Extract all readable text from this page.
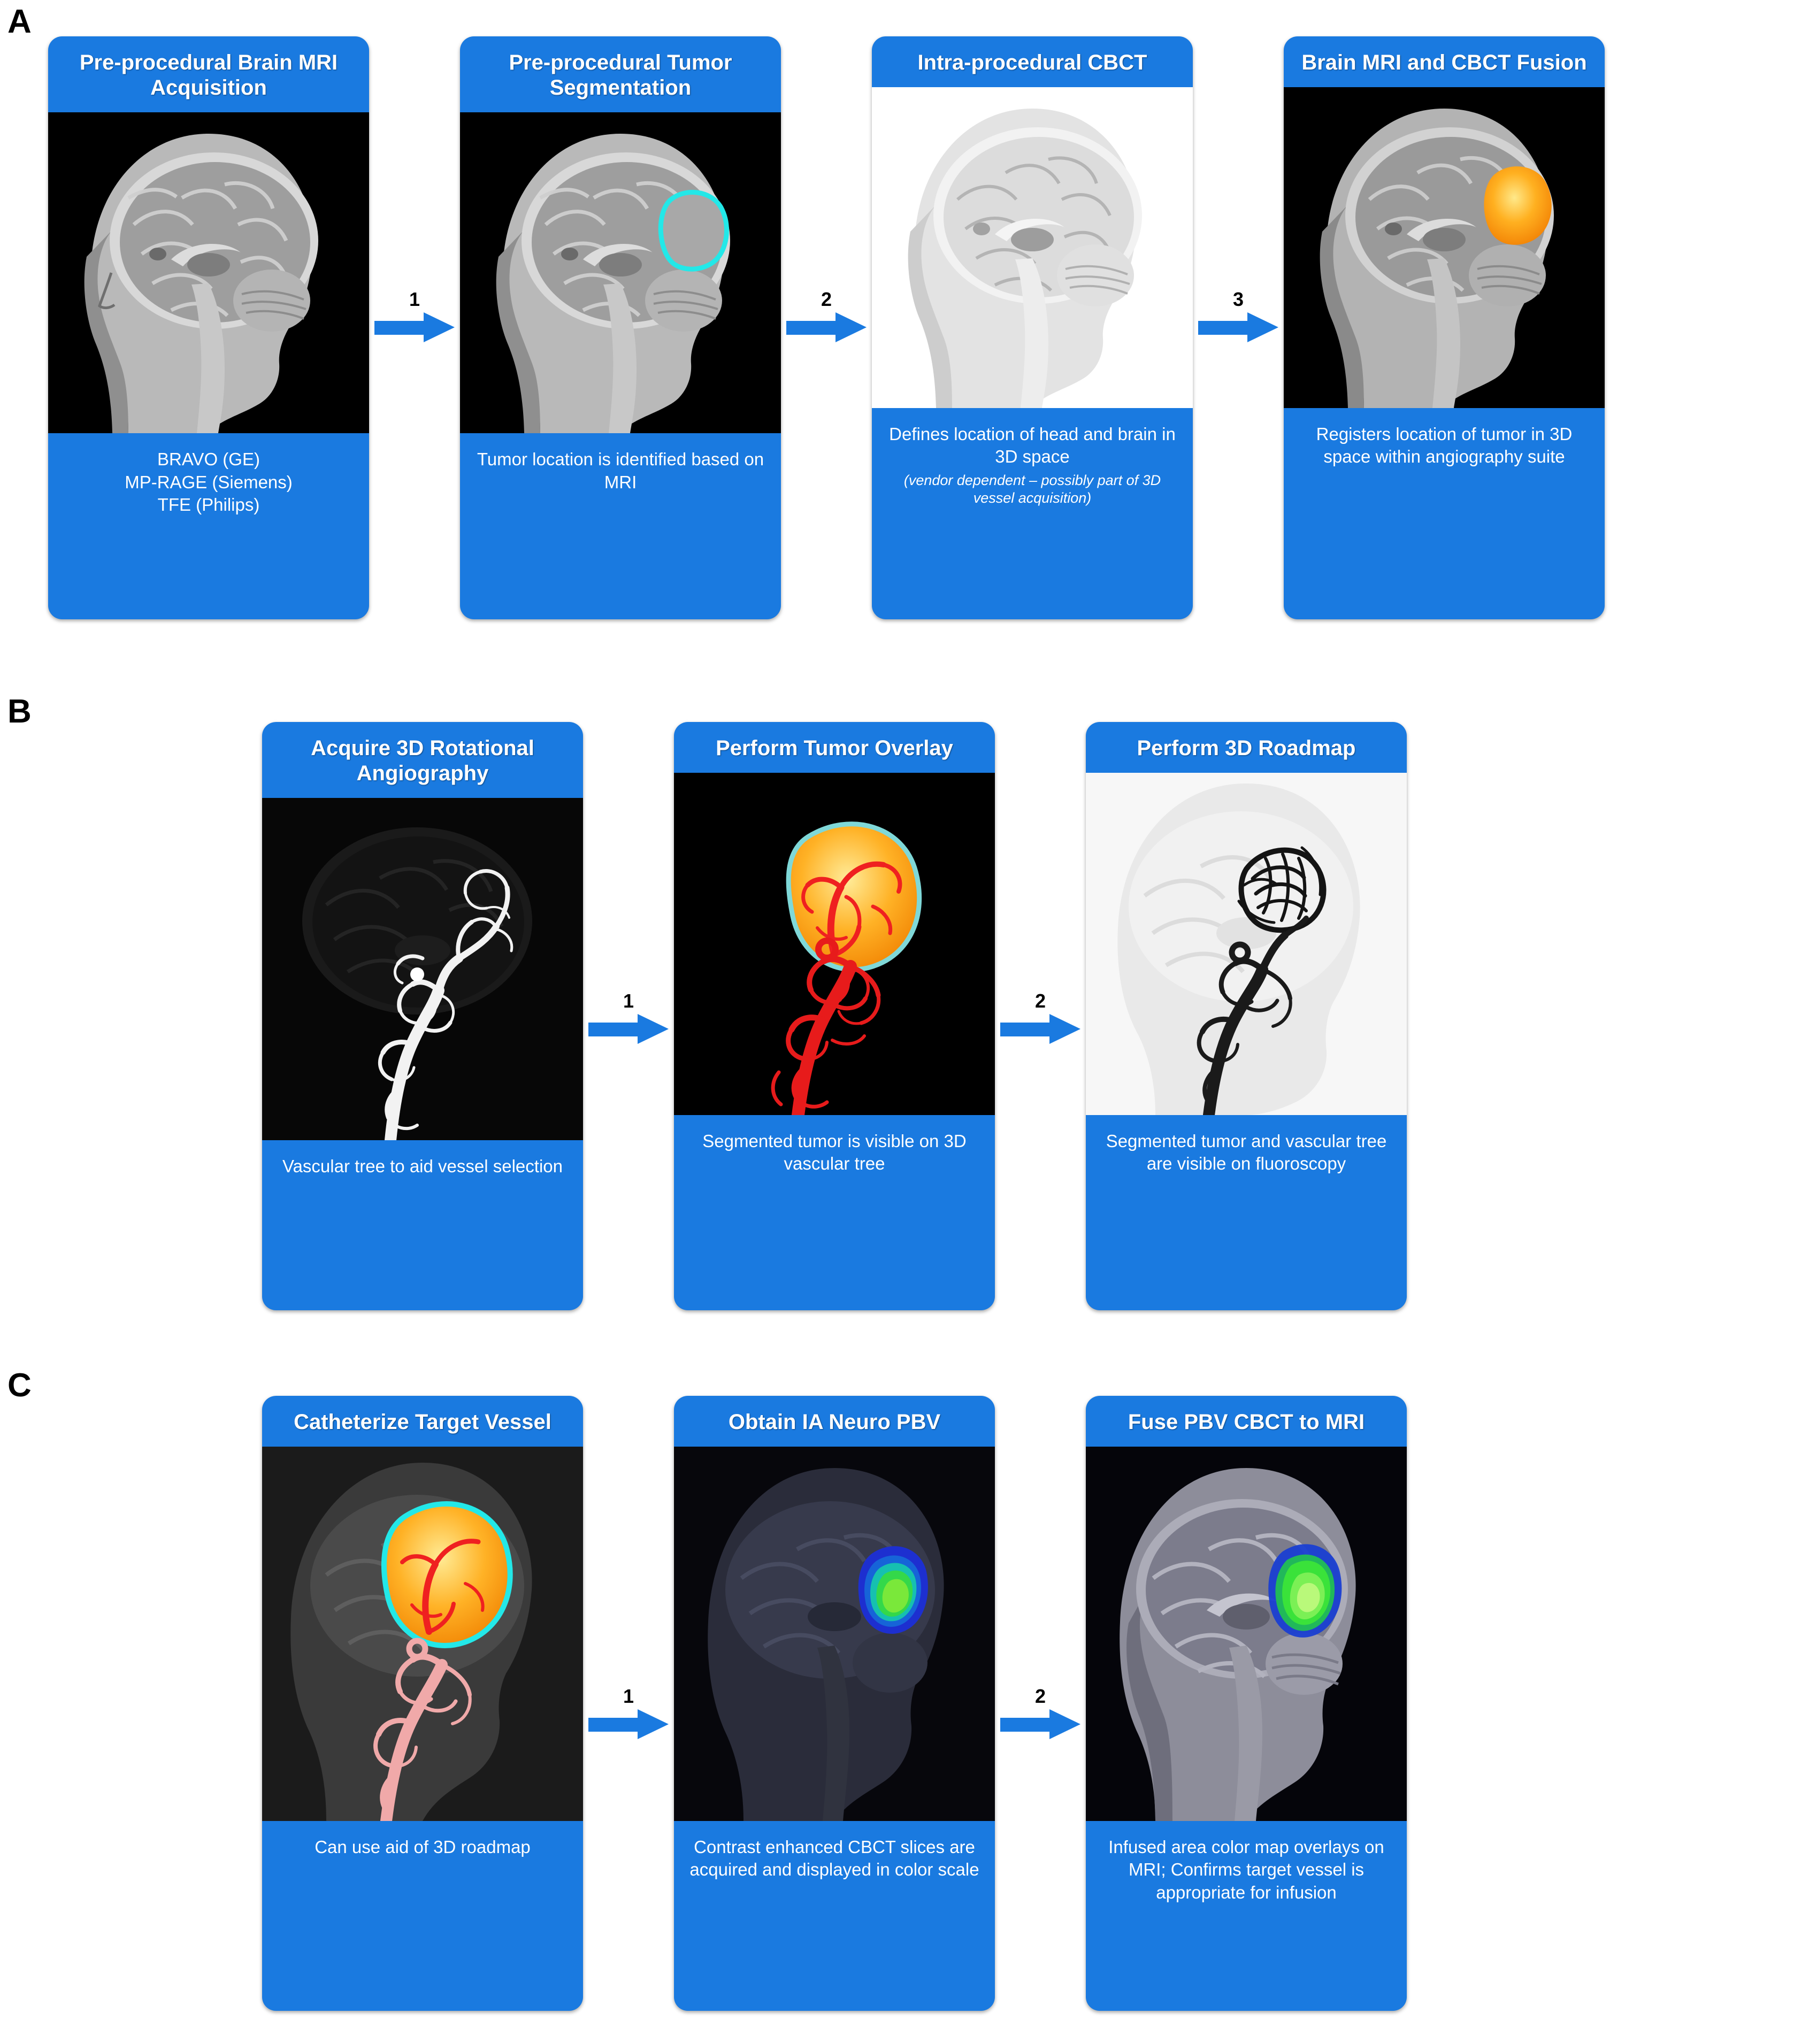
A
Pre-procedural Brain MRI Acquisition
BRAVO (GE)
MP-RAGE (Siemens)
TFE (Philips)
1
Pre-procedural Tumor Segmentation
Tumor location is identified based on MRI
2
Intra-procedural CBCT
Defines location of head and brain in 3D space
(vendor dependent – possibly part of 3D vessel acquisition)
3
Brain MRI and CBCT Fusion
Registers location of tumor in 3D space within angiography suite
B
Acquire 3D Rotational Angiography
Vascular tree to aid vessel selection
1
Perform Tumor Overlay
Segmented tumor is visible on 3D vascular tree
2
Perform 3D Roadmap
Segmented tumor and vascular tree are visible on fluoroscopy
C
Catheterize Target Vessel
Can use aid of 3D roadmap
1
Obtain IA Neuro PBV
Contrast enhanced CBCT slices are acquired and displayed in color scale
2
Fuse PBV CBCT to MRI
Infused area color map overlays on MRI; Confirms target vessel is appropriate for infusion
